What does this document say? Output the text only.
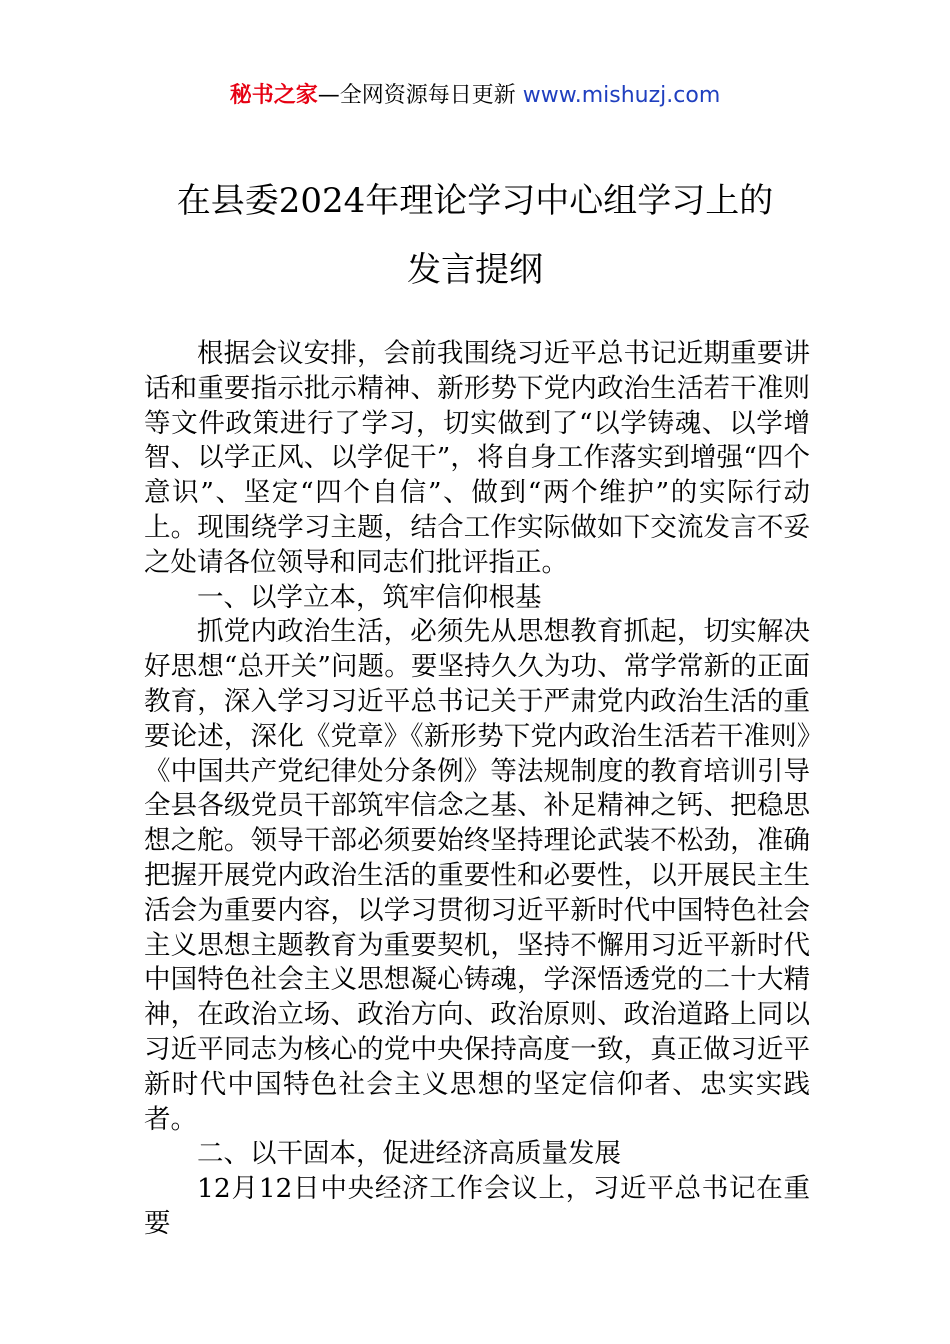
秘书之家—全网资源每日更新 www.mishuzj.com
在县委2024年理论学习中心组学习上的
发言提纲

根据会议安排，会前我围绕习近平总书记近期重要讲话和重要指示批示精神、新形势下党内政治生活若干准则等文件政策进行了学习，切实做到了“以学铸魂、以学增智、以学正风、以学促干”，将自身工作落实到增强“四个意识”、坚定“四个自信”、做到“两个维护”的实际行动上。现围绕学习主题，结合工作实际做如下交流发言不妥之处请各位领导和同志们批评指正。

一、以学立本，筑牢信仰根基

抓党内政治生活，必须先从思想教育抓起，切实解决好思想“总开关”问题。要坚持久久为功、常学常新的正面教育，深入学习习近平总书记关于严肃党内政治生活的重要论述，深化《党章》《新形势下党内政治生活若干准则》《中国共产党纪律处分条例》等法规制度的教育培训引导全县各级党员干部筑牢信念之基、补足精神之钙、把稳思想之舵。领导干部必须要始终坚持理论武装不松劲，准确把握开展党内政治生活的重要性和必要性，以开展民主生活会为重要内容，以学习贯彻习近平新时代中国特色社会主义思想主题教育为重要契机，坚持不懈用习近平新时代中国特色社会主义思想凝心铸魂，学深悟透党的二十大精神，在政治立场、政治方向、政治原则、政治道路上同以习近平同志为核心的党中央保持高度一致，真正做习近平新时代中国特色社会主义思想的坚定信仰者、忠实实践者。

二、以干固本，促进经济高质量发展

12月12日中央经济工作会议上，习近平总书记在重要
